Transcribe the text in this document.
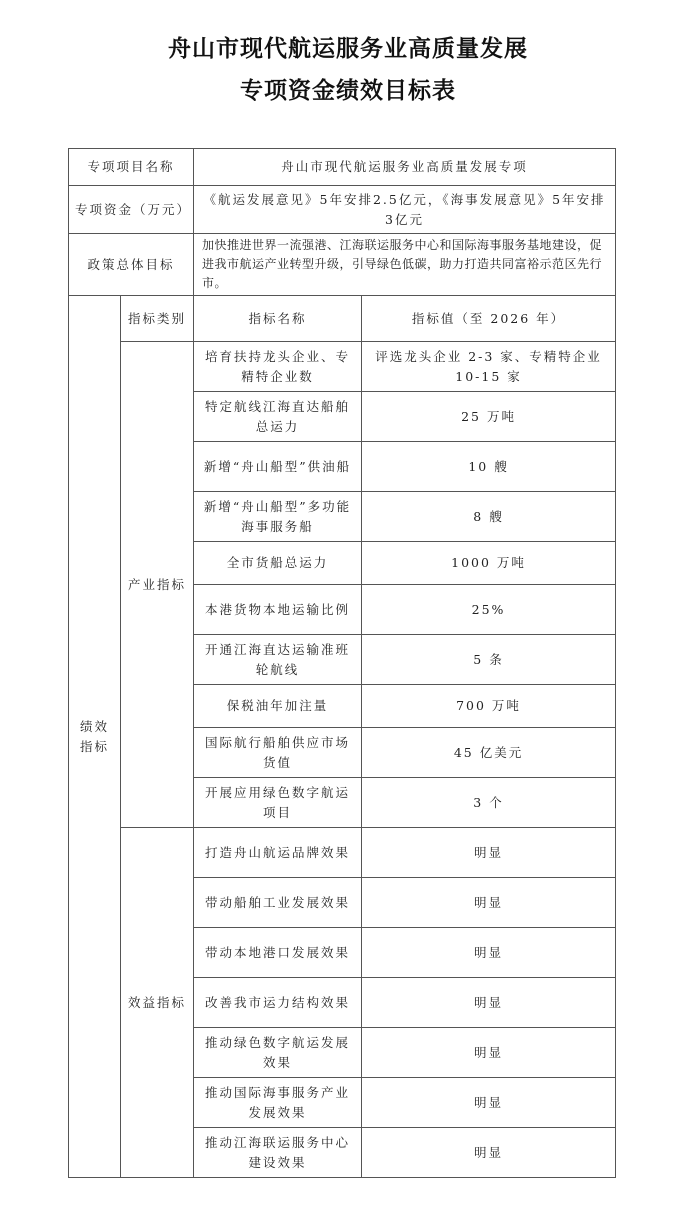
舟山市现代航运服务业高质量发展
专项资金绩效目标表
专项项目名称		舟山市现代航运服务业高质量发展专项	
专项资金（万元）		《航运发展意见》5年安排2.5亿元，《海事发展意见》5年安排3亿元	
政策总体目标		加快推进世界一流强港、江海联运服务中心和国际海事服务基地建设，促进我市航运产业转型升级，引导绿色低碳，助力打造共同富裕示范区先行市。	
绩效指标	指标类别	指标名称	指标值（至 2026 年）
	产业指标	培育扶持龙头企业、专精特企业数	评选龙头企业 2-3 家、专精特企业 10-15 家
		特定航线江海直达船舶总运力	25 万吨
		新增“舟山船型”供油船	10 艘
		新增“舟山船型”多功能海事服务船	8 艘
		全市货船总运力	1000 万吨
		本港货物本地运输比例	25%
		开通江海直达运输准班轮航线	5 条
		保税油年加注量	700 万吨
		国际航行船舶供应市场货值	45 亿美元
		开展应用绿色数字航运项目	3 个
	效益指标	打造舟山航运品牌效果	明显
		带动船舶工业发展效果	明显
		带动本地港口发展效果	明显
		改善我市运力结构效果	明显
		推动绿色数字航运发展效果	明显
		推动国际海事服务产业发展效果	明显
		推动江海联运服务中心建设效果	明显
